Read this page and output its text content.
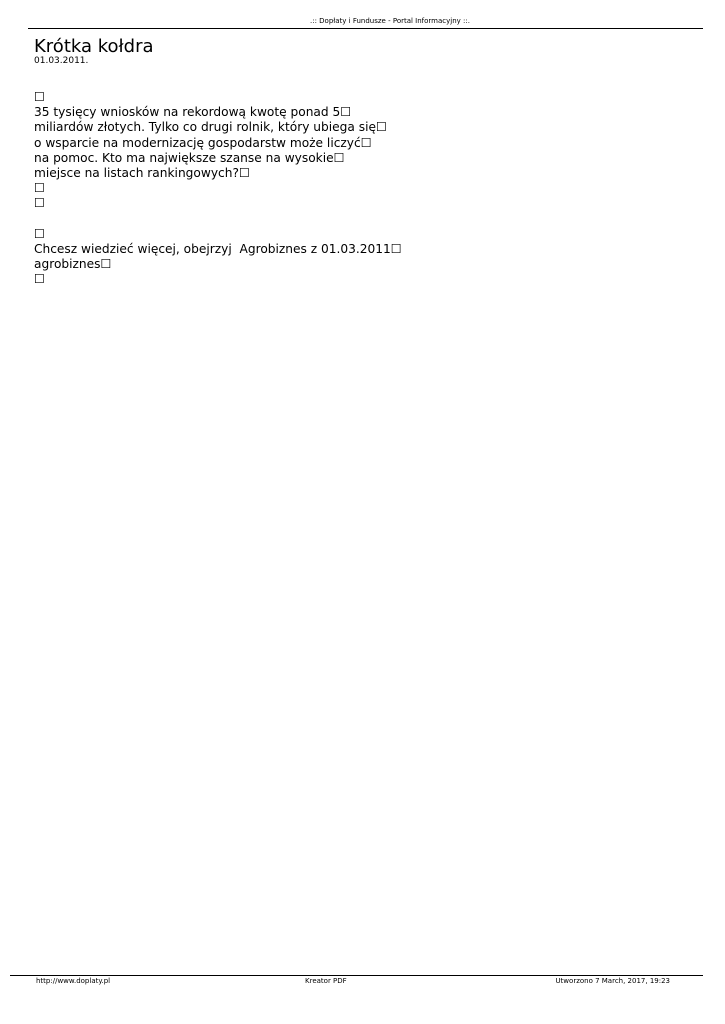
.:: Dopłaty i Fundusze - Portal Informacyjny ::.
Krótka kołdra
01.03.2011.
☐
35 tysięcy wniosków na rekordową kwotę ponad 5☐
miliardów złotych. Tylko co drugi rolnik, który ubiega się☐
o wsparcie na modernizację gospodarstw może liczyć☐
na pomoc. Kto ma największe szanse na wysokie☐
miejsce na listach rankingowych?☐
☐
☐
☐
Chcesz wiedzieć więcej, obejrzyj  Agrobiznes z 01.03.2011☐
agrobiznes☐
☐
http://www.doplaty.pl	Kreator PDF	Utworzono 7 March, 2017, 19:23
